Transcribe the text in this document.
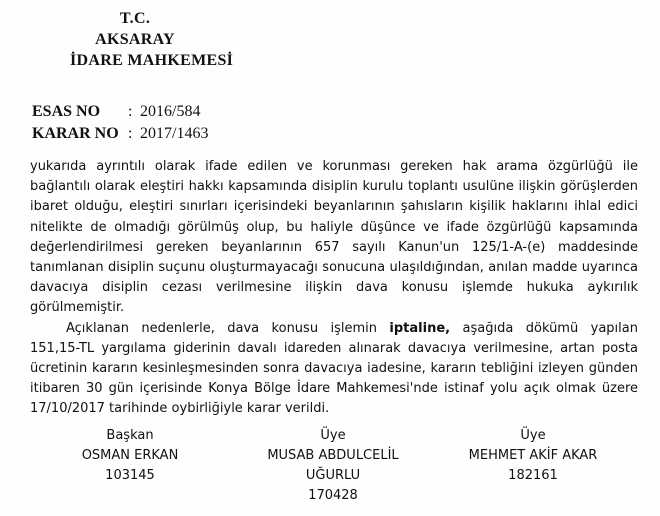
T.C.
AKSARAY
İDARE MAHKEMESİ
ESAS NO	: 2016/584
KARAR NO : 2017/1463
yukarıda ayrıntılı olarak ifade edilen ve korunması gereken hak arama özgürlüğü ile
bağlantılı olarak eleştiri hakkı kapsamında disiplin kurulu toplantı usulüne ilişkin görüşlerden
ibaret olduğu, eleştiri sınırları içerisindeki beyanlarının şahısların kişilik haklarını ihlal edici
nitelikte de olmadığı görülmüş olup, bu haliyle düşünce ve ifade özgürlüğü kapsamında
değerlendirilmesi gereken beyanlarının 657 sayılı Kanun'un 125/1-A-(e) maddesinde
tanımlanan disiplin suçunu oluşturmayacağı sonucuna ulaşıldığından, anılan madde uyarınca
davacıya disiplin cezası verilmesine ilişkin dava konusu işlemde hukuka aykırılık
görülmemiştir.
Açıklanan nedenlerle, dava konusu işlemin iptaline, aşağıda dökümü yapılan
151,15-TL yargılama giderinin davalı idareden alınarak davacıya verilmesine, artan posta
ücretinin kararın kesinleşmesinden sonra davacıya iadesine, kararın tebliğini izleyen günden
itibaren 30 gün içerisinde Konya Bölge İdare Mahkemesi'nde istinaf yolu açık olmak üzere
17/10/2017 tarihinde oybirliğiyle karar verildi.
Başkan
OSMAN ERKAN
103145
Üye
MUSAB ABDULCELİL
UĞURLU
170428
Üye
MEHMET AKİF AKAR
182161
